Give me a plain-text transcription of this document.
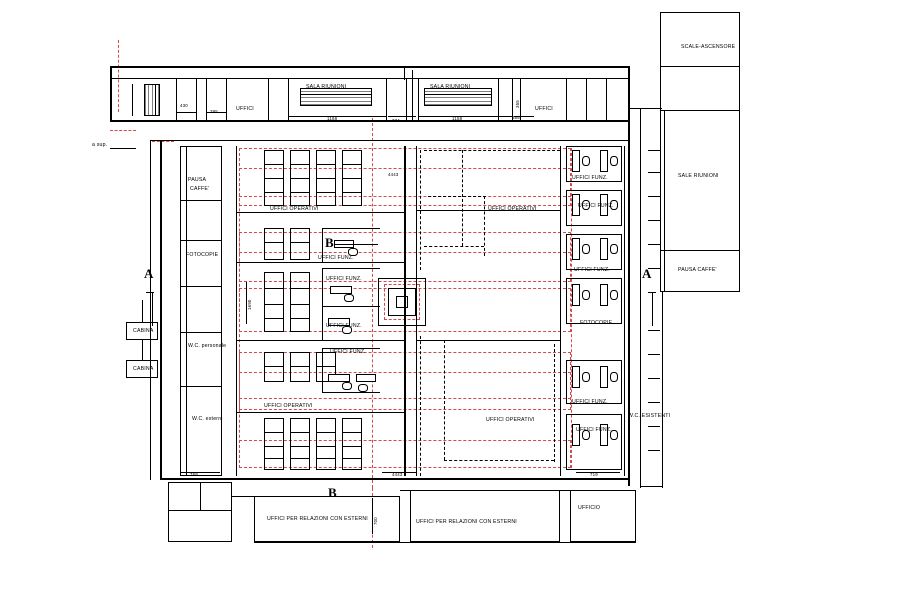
UFFICI
SALA RIUNIONI	SALA RIUNIONI
UFFICI
430
395
1168	374	1158
355
385
4443
4443
1690
769	719
700
a sup.
PAUSA
CAFFE'
FOTOCOPIE
W.C. personale
W.C. esterni
CABINA
CABINA
UFFICI OPERATIVI	UFFICI OPERATIVI
UFFICI OPERATIVI
UFFICI OPERATIVI
UFFICI FUNZ.
UFFICI FUNZ.
UFFICI FUNZ.
UFFICI FUNZ.
UFFICI FUNZ.
UFFICI FUNZ.
UFFICI FUNZ.
UFFICI FUNZ.
UFFICI FUNZ.
FOTOCOPIE
W.C. ESISTENTI
SCALE-ASCENSORE
SALE RIUNIONI
PAUSA CAFFE'
UFFICI PER RELAZIONI CON ESTERNI	UFFICI PER RELAZIONI CON ESTERNI
UFFICIO
A	A
B
B
